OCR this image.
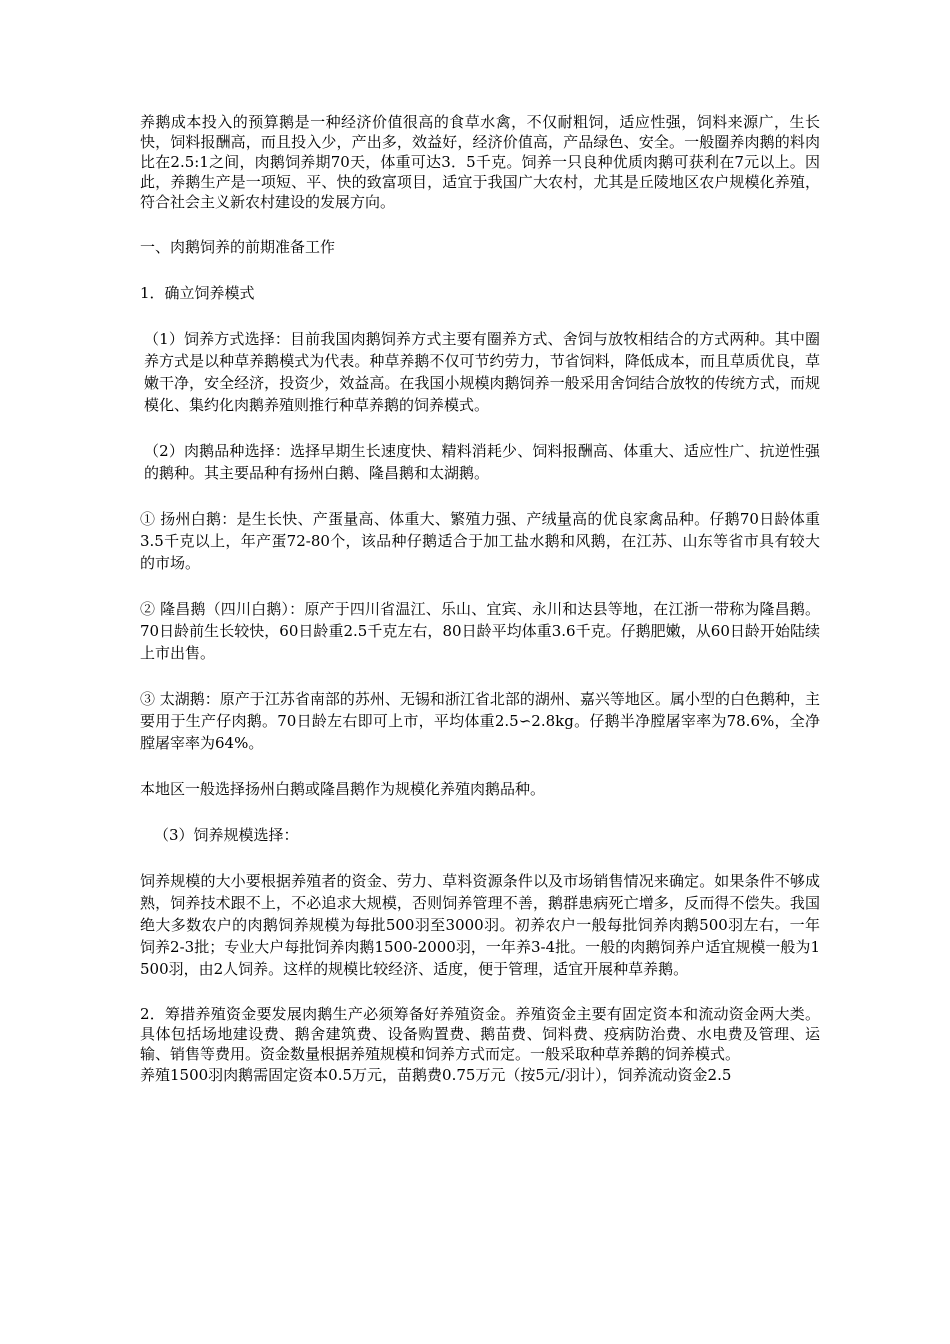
养鹅成本投入的预算鹅是一种经济价值很高的食草水禽，不仅耐粗饲，适应性强，饲料来源广，生长快，饲料报酬高，而且投入少，产出多，效益好，经济价值高，产品绿色、安全。一般圈养肉鹅的料肉比在2.5:1之间，肉鹅饲养期70天，体重可达3．5千克。饲养一只良种优质肉鹅可获利在7元以上。因此，养鹅生产是一项短、平、快的致富项目，适宜于我国广大农村，尤其是丘陵地区农户规模化养殖，符合社会主义新农村建设的发展方向。

一、肉鹅饲养的前期准备工作

1．确立饲养模式

（1）饲养方式选择：目前我国肉鹅饲养方式主要有圈养方式、舍饲与放牧相结合的方式两种。其中圈养方式是以种草养鹅模式为代表。种草养鹅不仅可节约劳力，节省饲料，降低成本，而且草质优良，草嫩干净，安全经济，投资少，效益高。在我国小规模肉鹅饲养一般采用舍饲结合放牧的传统方式，而规模化、集约化肉鹅养殖则推行种草养鹅的饲养模式。

（2）肉鹅品种选择：选择早期生长速度快、精料消耗少、饲料报酬高、体重大、适应性广、抗逆性强的鹅种。其主要品种有扬州白鹅、隆昌鹅和太湖鹅。

① 扬州白鹅：是生长快、产蛋量高、体重大、繁殖力强、产绒量高的优良家禽品种。仔鹅70日龄体重3.5千克以上，年产蛋72-80个，该品种仔鹅适合于加工盐水鹅和风鹅，在江苏、山东等省市具有较大的市场。

② 隆昌鹅（四川白鹅）：原产于四川省温江、乐山、宜宾、永川和达县等地，在江浙一带称为隆昌鹅。70日龄前生长较快，60日龄重2.5千克左右，80日龄平均体重3.6千克。仔鹅肥嫩，从60日龄开始陆续上市出售。

③ 太湖鹅：原产于江苏省南部的苏州、无锡和浙江省北部的湖州、嘉兴等地区。属小型的白色鹅种，主要用于生产仔肉鹅。70日龄左右即可上市，平均体重2.5∽2.8kg。仔鹅半净膛屠宰率为78.6%，全净膛屠宰率为64%。

本地区一般选择扬州白鹅或隆昌鹅作为规模化养殖肉鹅品种。

（3）饲养规模选择：

饲养规模的大小要根据养殖者的资金、劳力、草料资源条件以及市场销售情况来确定。如果条件不够成熟，饲养技术跟不上，不必追求大规模，否则饲养管理不善，鹅群患病死亡增多，反而得不偿失。我国绝大多数农户的肉鹅饲养规模为每批500羽至3000羽。初养农户一般每批饲养肉鹅500羽左右，一年饲养2-3批；专业大户每批饲养肉鹅1500-2000羽，一年养3-4批。一般的肉鹅饲养户适宜规模一般为1500羽，由2人饲养。这样的规模比较经济、适度，便于管理，适宜开展种草养鹅。

2．筹措养殖资金要发展肉鹅生产必须筹备好养殖资金。养殖资金主要有固定资本和流动资金两大类。具体包括场地建设费、鹅舍建筑费、设备购置费、鹅苗费、饲料费、疫病防治费、水电费及管理、运输、销售等费用。资金数量根据养殖规模和饲养方式而定。一般采取种草养鹅的饲养模式。

养殖1500羽肉鹅需固定资本0.5万元，苗鹅费0.75万元（按5元/羽计），饲养流动资金2.5
